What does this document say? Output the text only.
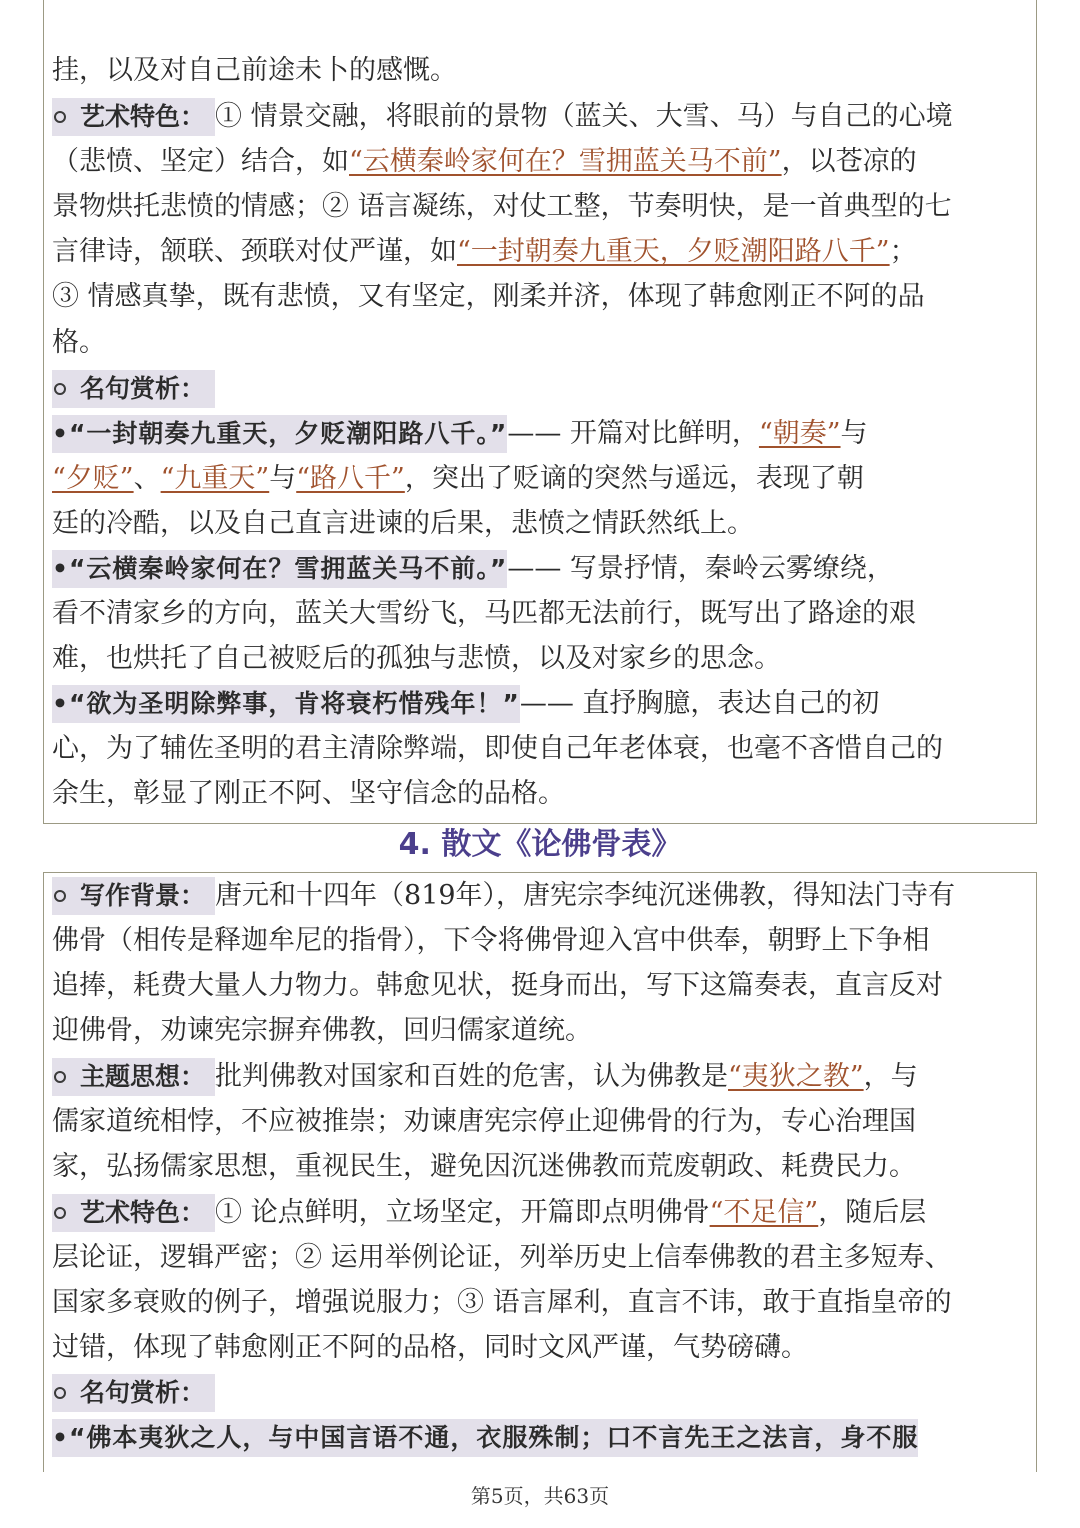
挂，以及对自己前途未卜的感慨。
艺术特色： ① 情景交融，将眼前的景物（蓝关、大雪、马）与自己的心境
（悲愤、坚定）结合，如“云横秦岭家何在？雪拥蓝关马不前”，以苍凉的
景物烘托悲愤的情感；② 语言凝练，对仗工整，节奏明快，是一首典型的七
言律诗，颔联、颈联对仗严谨，如“一封朝奏九重天，夕贬潮阳路八千”；
③ 情感真挚，既有悲愤，又有坚定，刚柔并济，体现了韩愈刚正不阿的品
格。
名句赏析：
•“一封朝奏九重天，夕贬潮阳路八千。”—— 开篇对比鲜明，“朝奏”与
“夕贬”、“九重天”与“路八千”，突出了贬谪的突然与遥远，表现了朝
廷的冷酷，以及自己直言进谏的后果，悲愤之情跃然纸上。
•“云横秦岭家何在？雪拥蓝关马不前。”—— 写景抒情，秦岭云雾缭绕，
看不清家乡的方向，蓝关大雪纷飞，马匹都无法前行，既写出了路途的艰
难，也烘托了自己被贬后的孤独与悲愤，以及对家乡的思念。
•“欲为圣明除弊事，肯将衰朽惜残年！”—— 直抒胸臆，表达自己的初
心，为了辅佐圣明的君主清除弊端，即使自己年老体衰，也毫不吝惜自己的
余生，彰显了刚正不阿、坚守信念的品格。
4. 散文《论佛骨表》
写作背景： 唐元和十四年（819年），唐宪宗李纯沉迷佛教，得知法门寺有
佛骨（相传是释迦牟尼的指骨），下令将佛骨迎入宫中供奉，朝野上下争相
追捧，耗费大量人力物力。韩愈见状，挺身而出，写下这篇奏表，直言反对
迎佛骨，劝谏宪宗摒弃佛教，回归儒家道统。
主题思想： 批判佛教对国家和百姓的危害，认为佛教是“夷狄之教”，与
儒家道统相悖，不应被推崇；劝谏唐宪宗停止迎佛骨的行为，专心治理国
家，弘扬儒家思想，重视民生，避免因沉迷佛教而荒废朝政、耗费民力。
艺术特色： ① 论点鲜明，立场坚定，开篇即点明佛骨“不足信”，随后层
层论证，逻辑严密；② 运用举例论证，列举历史上信奉佛教的君主多短寿、
国家多衰败的例子，增强说服力；③ 语言犀利，直言不讳，敢于直指皇帝的
过错，体现了韩愈刚正不阿的品格，同时文风严谨，气势磅礴。
名句赏析：
•“佛本夷狄之人，与中国言语不通，衣服殊制；口不言先王之法言，身不服
第5页，共63页
